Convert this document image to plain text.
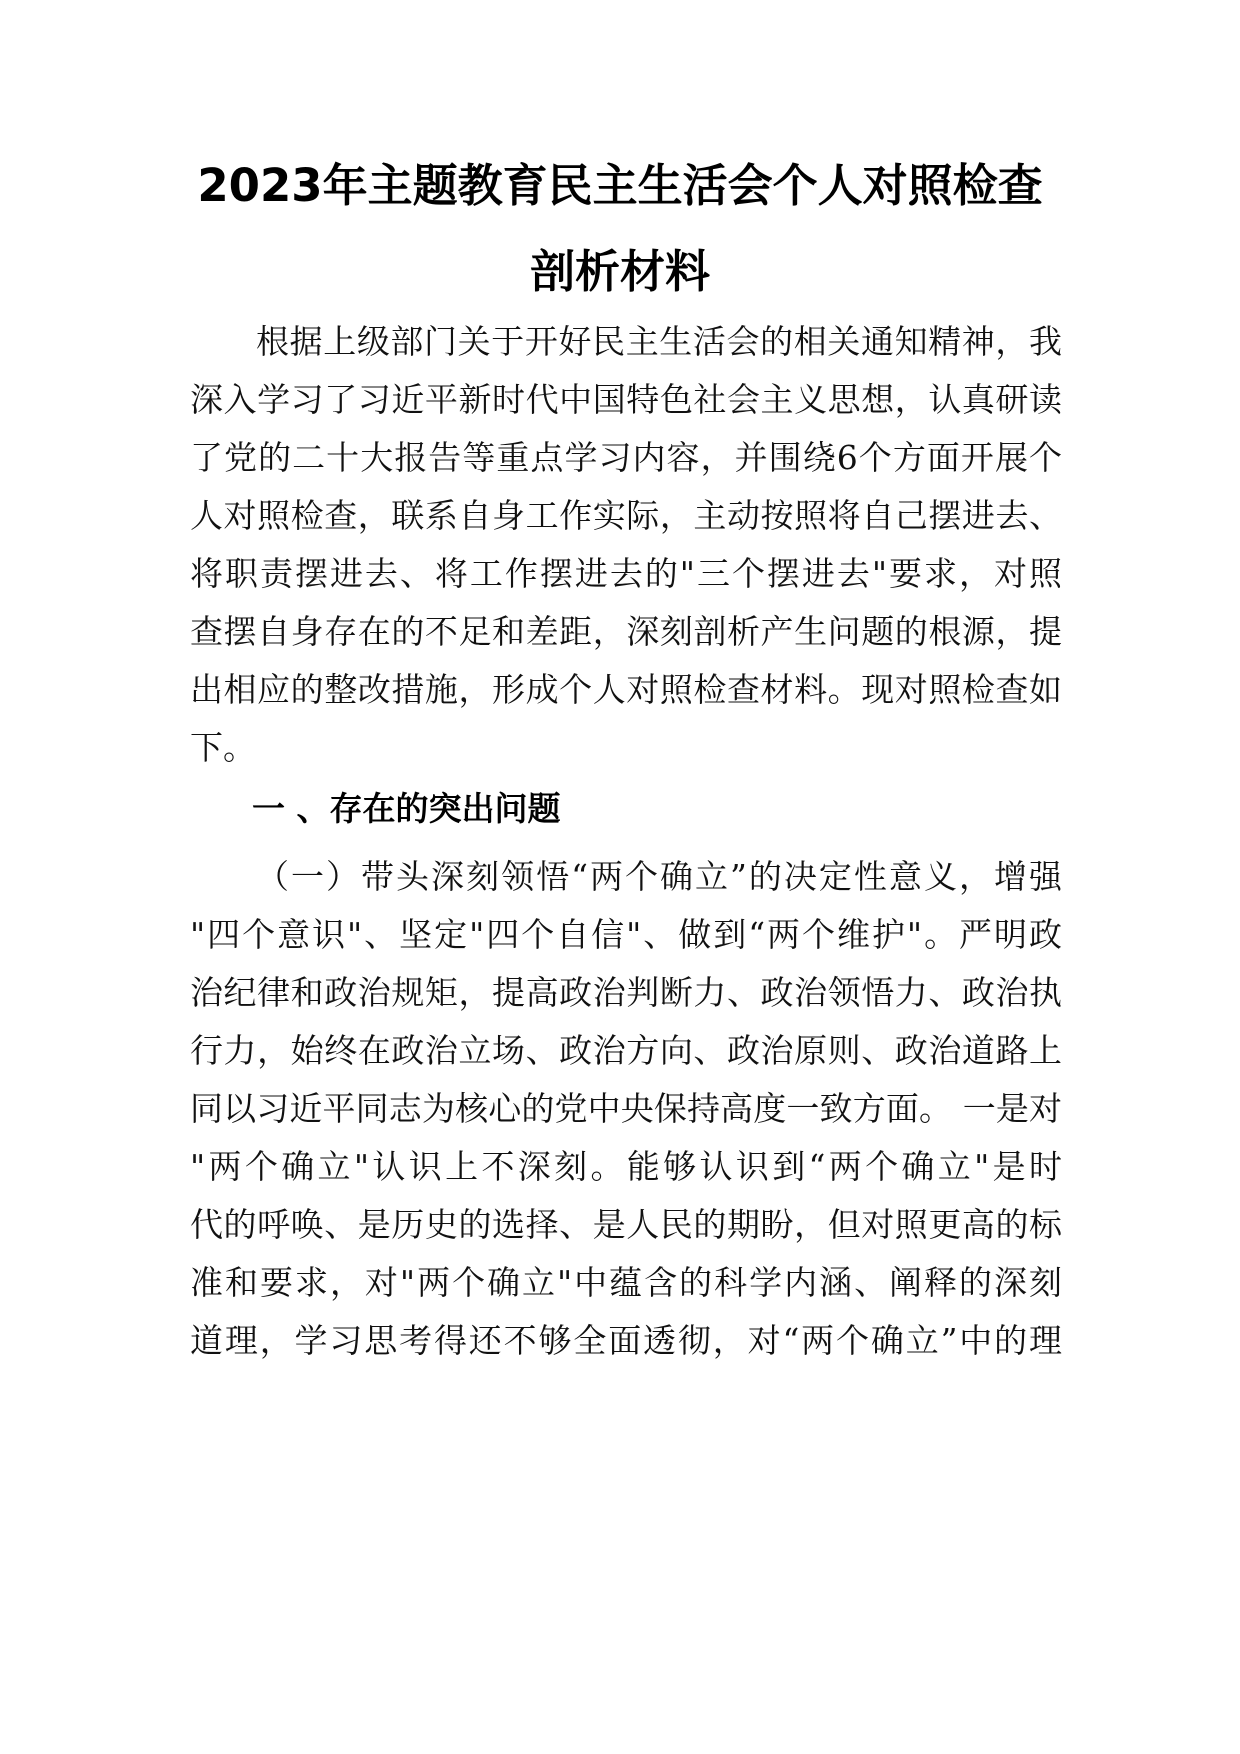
2023年主题教育民主生活会个人对照检查
剖析材料
根据上级部门关于开好民主生活会的相关通知精神，我
深入学习了习近平新时代中国特色社会主义思想，认真研读
了党的二十大报告等重点学习内容，并围绕6个方面开展个
人对照检查，联系自身工作实际，主动按照将自己摆进去、
将职责摆进去、将工作摆进去的"三个摆进去"要求，对照
查摆自身存在的不足和差距，深刻剖析产生问题的根源，提
出相应的整改措施，形成个人对照检查材料。现对照检查如
下。
一 、存在的突出问题
（一）带头深刻领悟“两个确立”的决定性意义，增强
"四个意识"、坚定"四个自信"、做到“两个维护"。严明政
治纪律和政治规矩，提高政治判断力、政治领悟力、政治执
行力，始终在政治立场、政治方向、政治原则、政治道路上
同以习近平同志为核心的党中央保持高度一致方面。 一是对
"两个确立"认识上不深刻。能够认识到“两个确立"是时
代的呼唤、是历史的选择、是人民的期盼，但对照更高的标
准和要求，对"两个确立"中蕴含的科学内涵、阐释的深刻
道理，学习思考得还不够全面透彻，对“两个确立”中的理
